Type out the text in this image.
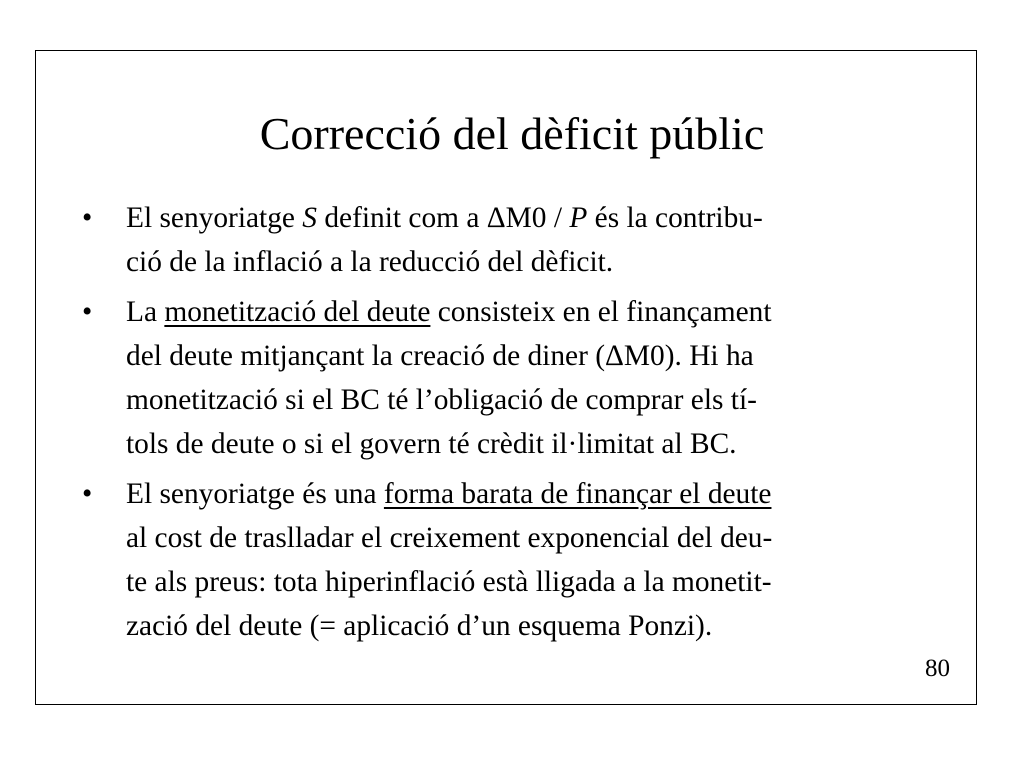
Correcció del dèficit públic
• El senyoriatge S definit com a ΔM0 / P és la contribu-
ció de la inflació a la reducció del dèficit.
• La monetització del deute consisteix en el finançament
del deute mitjançant la creació de diner (ΔM0). Hi ha
monetització si el BC té l’obligació de comprar els tí-
tols de deute o si el govern té crèdit il·limitat al BC.
• El senyoriatge és una forma barata de finançar el deute
al cost de traslladar el creixement exponencial del deu-
te als preus: tota hiperinflació està lligada a la monetit-
zació del deute (= aplicació d’un esquema Ponzi).
80
